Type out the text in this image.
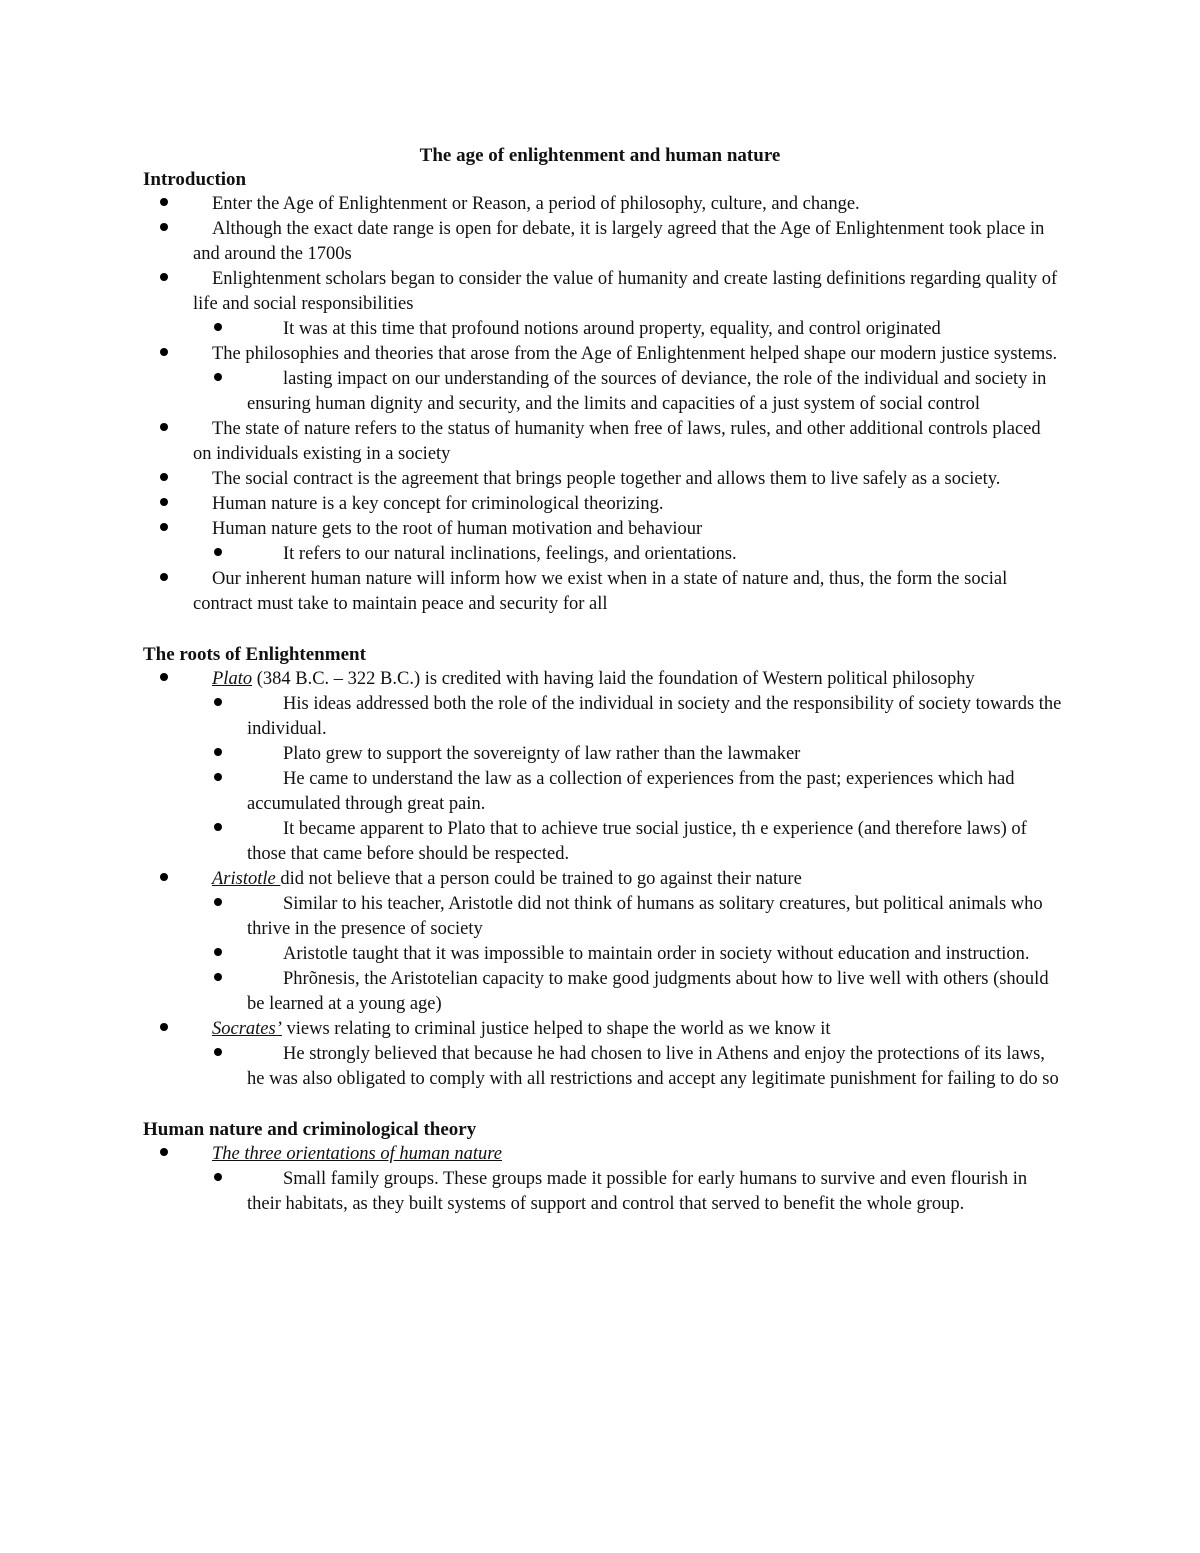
The age of enlightenment and human nature

Introduction

Enter the Age of Enlightenment or Reason, a period of philosophy, culture, and change.
Although the exact date range is open for debate, it is largely agreed that the Age of Enlightenment took place in and around the 1700s
Enlightenment scholars began to consider the value of humanity and create lasting definitions regarding quality of life and social responsibilities
It was at this time that profound notions around property, equality, and control originated
The philosophies and theories that arose from the Age of Enlightenment helped shape our modern justice systems.
lasting impact on our understanding of the sources of deviance, the role of the individual and society in ensuring human dignity and security, and the limits and capacities of a just system of social control
The state of nature refers to the status of humanity when free of laws, rules, and other additional controls placed on individuals existing in a society
The social contract is the agreement that brings people together and allows them to live safely as a society.
Human nature is a key concept for criminological theorizing.
Human nature gets to the root of human motivation and behaviour
It refers to our natural inclinations, feelings, and orientations.
Our inherent human nature will inform how we exist when in a state of nature and, thus, the form the social contract must take to maintain peace and security for all

The roots of Enlightenment

Plato (384 B.C. – 322 B.C.) is credited with having laid the foundation of Western political philosophy
His ideas addressed both the role of the individual in society and the responsibility of society towards the individual.
Plato grew to support the sovereignty of law rather than the lawmaker
He came to understand the law as a collection of experiences from the past; experiences which had accumulated through great pain.
It became apparent to Plato that to achieve true social justice, th e experience (and therefore laws) of those that came before should be respected.
Aristotle did not believe that a person could be trained to go against their nature
Similar to his teacher, Aristotle did not think of humans as solitary creatures, but political animals who thrive in the presence of society
Aristotle taught that it was impossible to maintain order in society without education and instruction.
Phrõnesis, the Aristotelian capacity to make good judgments about how to live well with others (should be learned at a young age)
Socrates’ views relating to criminal justice helped to shape the world as we know it
He strongly believed that because he had chosen to live in Athens and enjoy the protections of its laws, he was also obligated to comply with all restrictions and accept any legitimate punishment for failing to do so

Human nature and criminological theory

The three orientations of human nature
Small family groups. These groups made it possible for early humans to survive and even flourish in their habitats, as they built systems of support and control that served to benefit the whole group.
